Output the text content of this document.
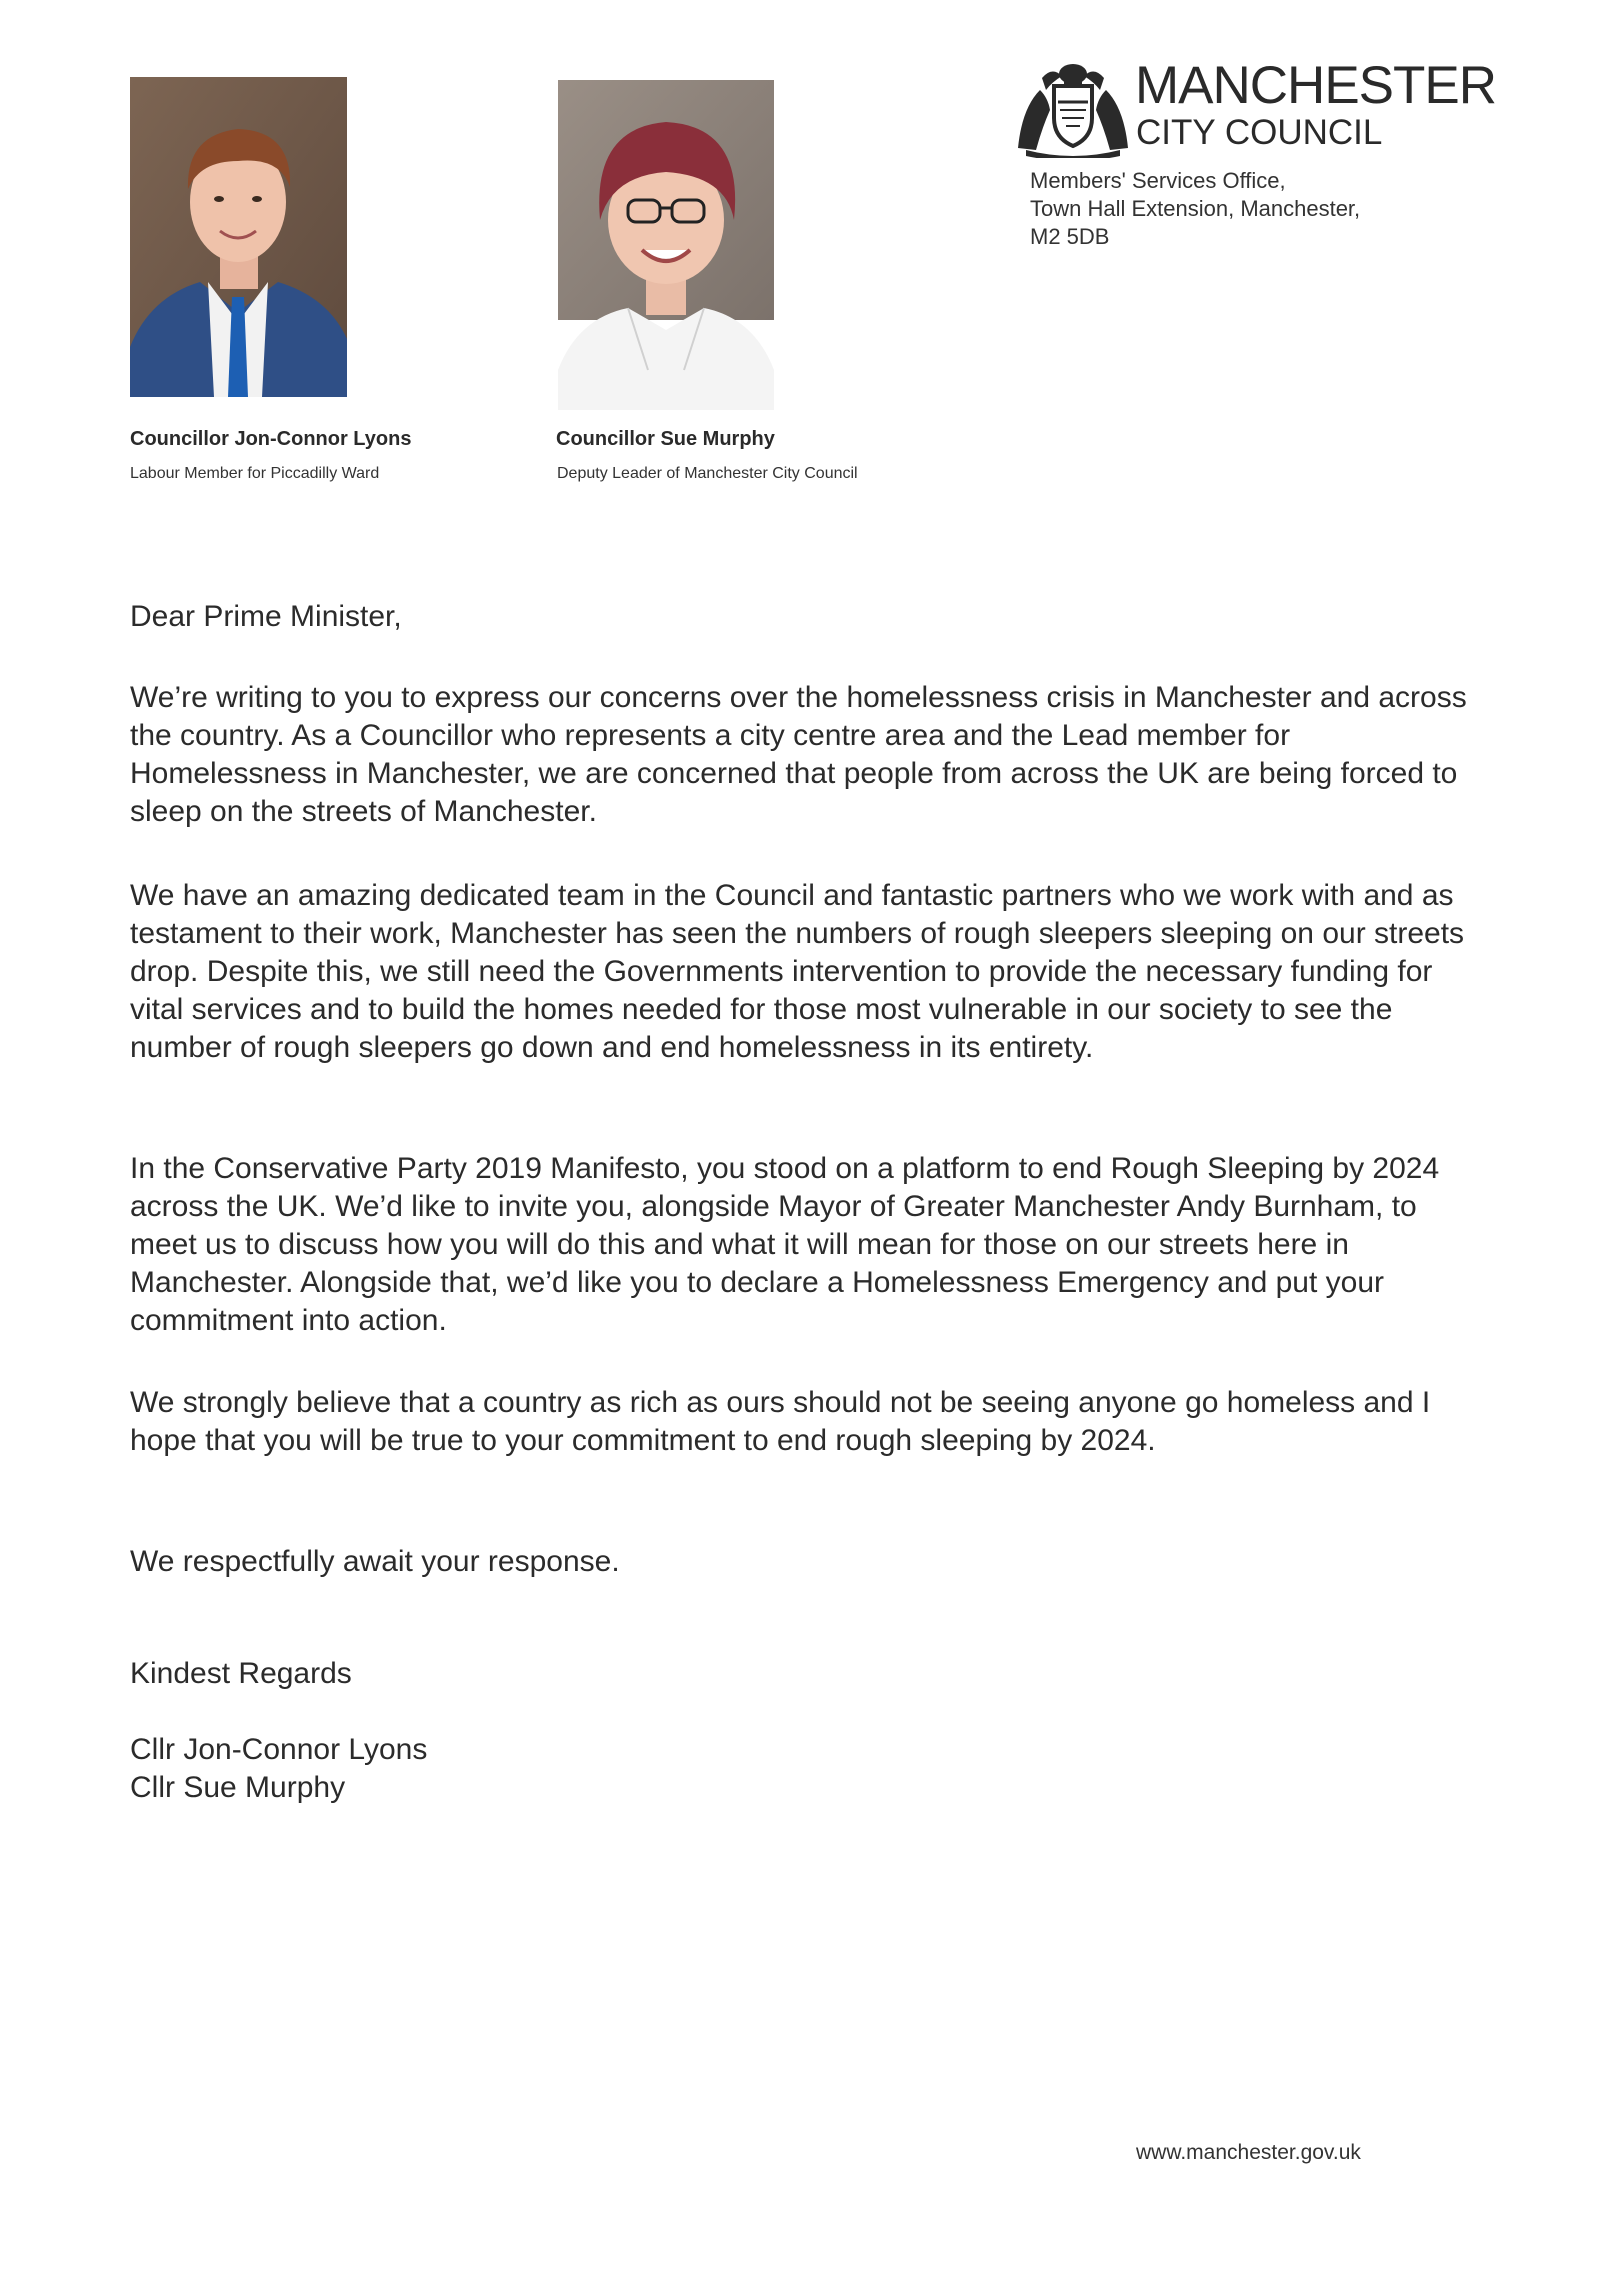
Councillor Jon-Connor Lyons
Labour Member for Piccadilly Ward
Councillor Sue Murphy
Deputy Leader of Manchester City Council
MANCHESTER
CITY COUNCIL
Members' Services Office,
Town Hall Extension, Manchester,
M2 5DB
Dear Prime Minister,
We’re writing to you to express our concerns over the homelessness crisis in Manchester and across the country. As a Councillor who represents a city centre area and the Lead member for Homelessness in Manchester, we are concerned that people from across the UK are being forced to sleep on the streets of Manchester.
We have an amazing dedicated team in the Council and fantastic partners who we work with and as testament to their work, Manchester has seen the numbers of rough sleepers sleeping on our streets drop. Despite this, we still need the Governments intervention to provide the necessary funding for vital services and to build the homes needed for those most vulnerable in our society to see the number of rough sleepers go down and end homelessness in its entirety.
In the Conservative Party 2019 Manifesto, you stood on a platform to end Rough Sleeping by 2024 across the UK. We’d like to invite you, alongside Mayor of Greater Manchester Andy Burnham, to meet us to discuss how you will do this and what it will mean for those on our streets here in Manchester. Alongside that, we’d like you to declare a Homelessness Emergency and put your commitment into action.
We strongly believe that a country as rich as ours should not be seeing anyone go homeless and I hope that you will be true to your commitment to end rough sleeping by 2024.
We respectfully await your response.
Kindest Regards
Cllr Jon-Connor Lyons
Cllr Sue Murphy
www.manchester.gov.uk
